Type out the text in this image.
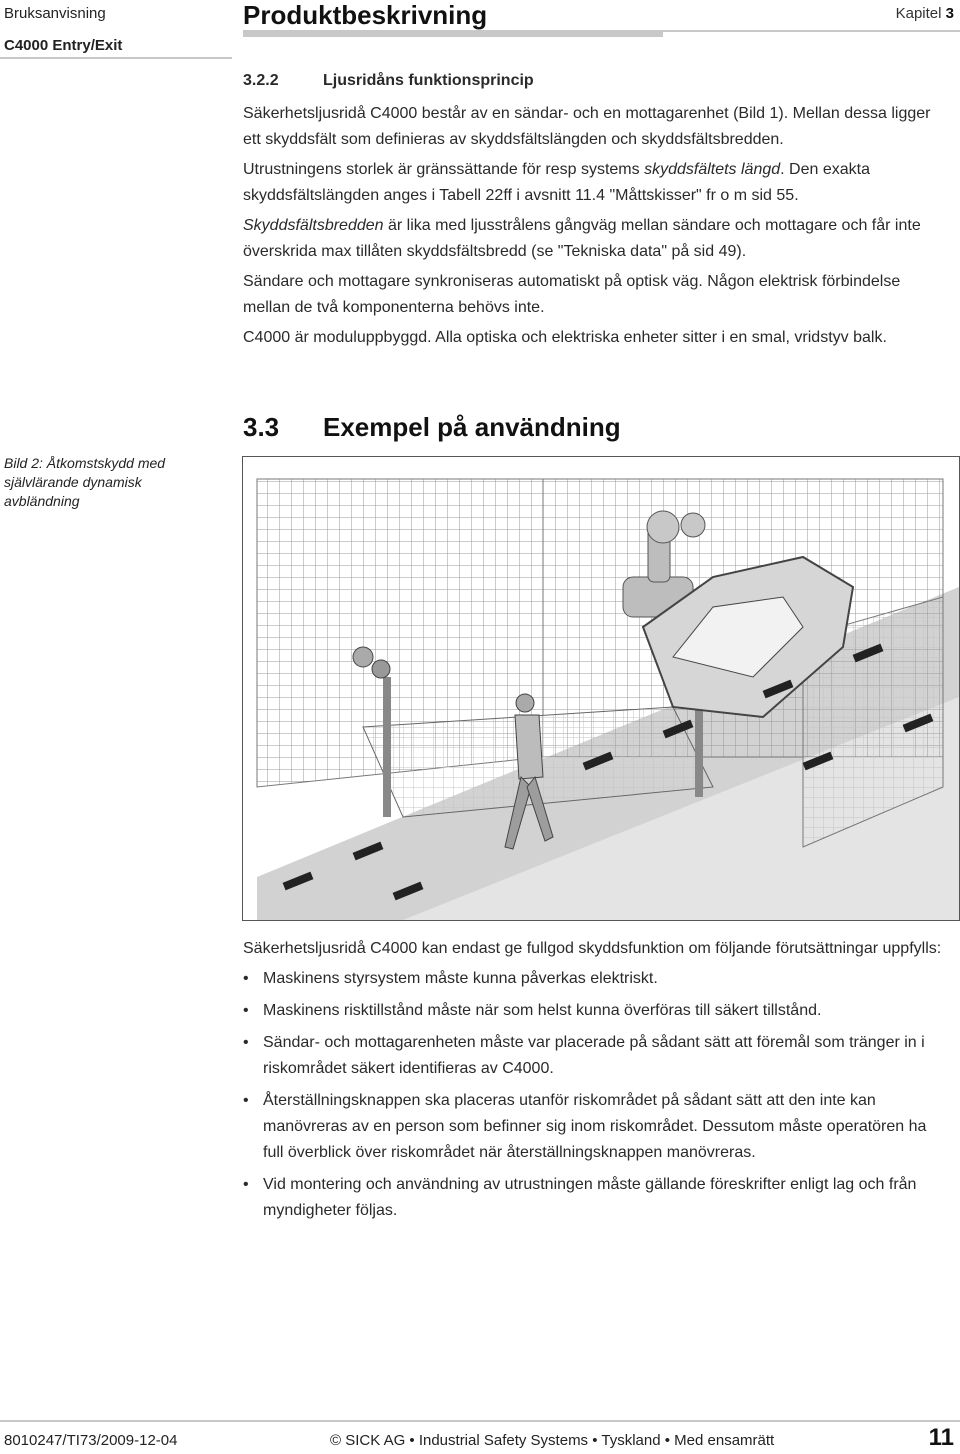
Bruksanvisning
C4000 Entry/Exit
Produktbeskrivning	Kapitel 3
3.2.2	Ljusridåns funktionsprincip

Säkerhetsljusridå C4000 består av en sändar- och en mottagarenhet (Bild 1). Mellan dessa ligger ett skyddsfält som definieras av skyddsfältslängden och skyddsfältsbredden.

Utrustningens storlek är gränssättande för resp systems skyddsfältets längd. Den exakta skyddsfältslängden anges i Tabell 22ff i avsnitt 11.4 "Måttskisser" fr o m sid 55.

Skyddsfältsbredden är lika med ljusstrålens gångväg mellan sändare och mottagare och får inte överskrida max tillåten skyddsfältsbredd (se "Tekniska data" på sid 49).

Sändare och mottagare synkroniseras automatiskt på optisk väg. Någon elektrisk förbindelse mellan de två komponenterna behövs inte.

C4000 är moduluppbyggd. Alla optiska och elektriska enheter sitter i en smal, vridstyv balk.

3.3 Exempel på användning
Bild 2: Åtkomstskydd med självlärande dynamisk avbländning

Säkerhetsljusridå C4000 kan endast ge fullgod skyddsfunktion om följande förutsättningar uppfylls:

• Maskinens styrsystem måste kunna påverkas elektriskt.
• Maskinens risktillstånd måste när som helst kunna överföras till säkert tillstånd.
• Sändar- och mottagarenheten måste var placerade på sådant sätt att föremål som tränger in i riskområdet säkert identifieras av C4000.
• Återställningsknappen ska placeras utanför riskområdet på sådant sätt att den inte kan manövreras av en person som befinner sig inom riskområdet. Dessutom måste operatören ha full överblick över riskområdet när återställningsknappen manövreras.
• Vid montering och användning av utrustningen måste gällande föreskrifter enligt lag och från myndigheter följas.
8010247/TI73/2009-12-04	© SICK AG • Industrial Safety Systems • Tyskland • Med ensamrätt	11
